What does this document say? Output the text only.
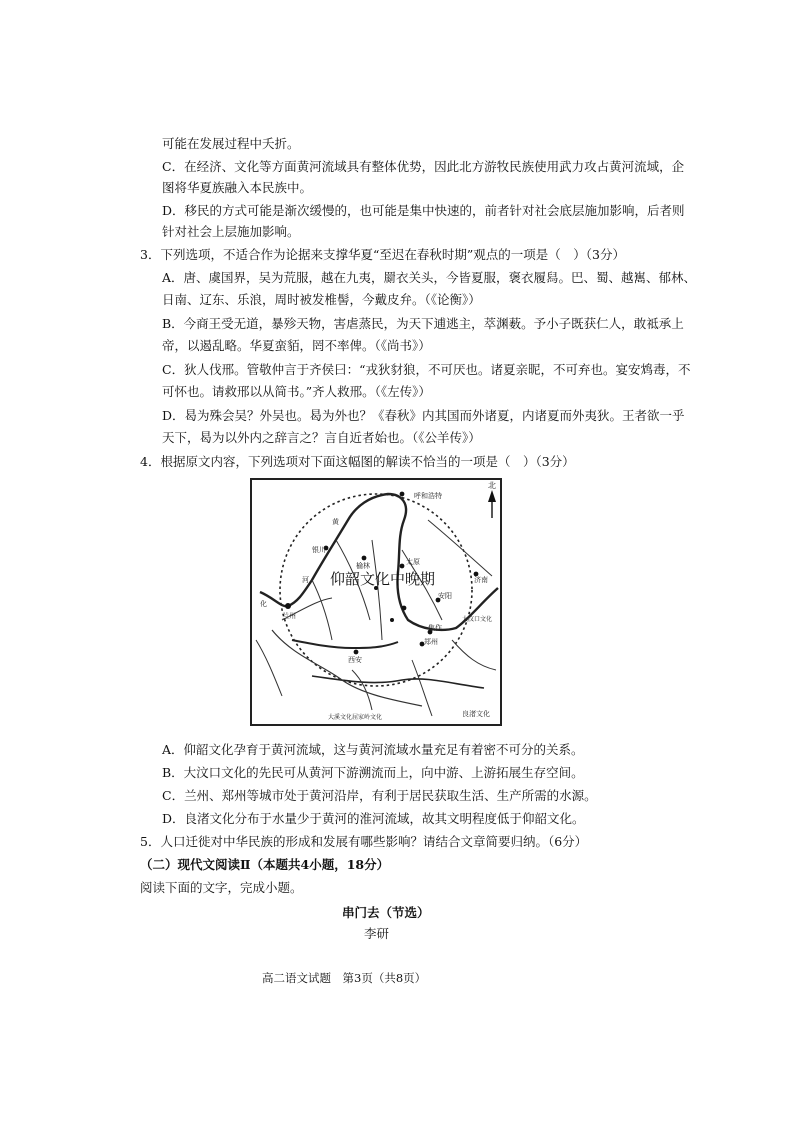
可能在发展过程中夭折。
C．在经济、文化等方面黄河流域具有整体优势，因此北方游牧民族使用武力攻占黄河流域，企
图将华夏族融入本民族中。
D．移民的方式可能是渐次缓慢的，也可能是集中快速的，前者针对社会底层施加影响，后者则
针对社会上层施加影响。
3．下列选项，不适合作为论据来支撑华夏“至迟在春秋时期”观点的一项是（　）（3分）
A．唐、虞国界，吴为荒服，越在九夷，罽衣关头，今皆夏服，褒衣履舄。巴、蜀、越嶲、郁林、
日南、辽东、乐浪，周时被发椎髻，今戴皮弁。（《论衡》）
B．今商王受无道，暴殄天物，害虐蒸民，为天下逋逃主，萃渊薮。予小子既获仁人，敢祗承上
帝，以遏乱略。华夏蛮貊，罔不率俾。（《尚书》）
C．狄人伐邢。管敬仲言于齐侯曰：“戎狄豺狼，不可厌也。诸夏亲昵，不可弃也。宴安鸩毒，不
可怀也。请救邢以从简书。”齐人救邢。（《左传》）
D．曷为殊会吴？外吴也。曷为外也？《春秋》内其国而外诸夏，内诸夏而外夷狄。王者欲一乎
天下，曷为以外内之辞言之？言自近者始也。（《公羊传》）
4．根据原文内容，下列选项对下面这幅图的解读不恰当的一项是（　）（3分）
呼和浩特
北
黄
银川
榆林	太原
河 仰韶文化中晚期	济南
安阳
化
兰州	大汶口文化
焦作
郑州
西安
良渚文化
大溪文化屈家岭文化
A．仰韶文化孕育于黄河流域，这与黄河流域水量充足有着密不可分的关系。
B．大汶口文化的先民可从黄河下游溯流而上，向中游、上游拓展生存空间。
C．兰州、郑州等城市处于黄河沿岸，有利于居民获取生活、生产所需的水源。
D．良渚文化分布于水量少于黄河的淮河流域，故其文明程度低于仰韶文化。
5．人口迁徙对中华民族的形成和发展有哪些影响？请结合文章简要归纳。（6分）
（二）现代文阅读Ⅱ（本题共4小题，18分）
阅读下面的文字，完成小题。
串门去（节选）
李研
高二语文试题　第3页（共8页）
